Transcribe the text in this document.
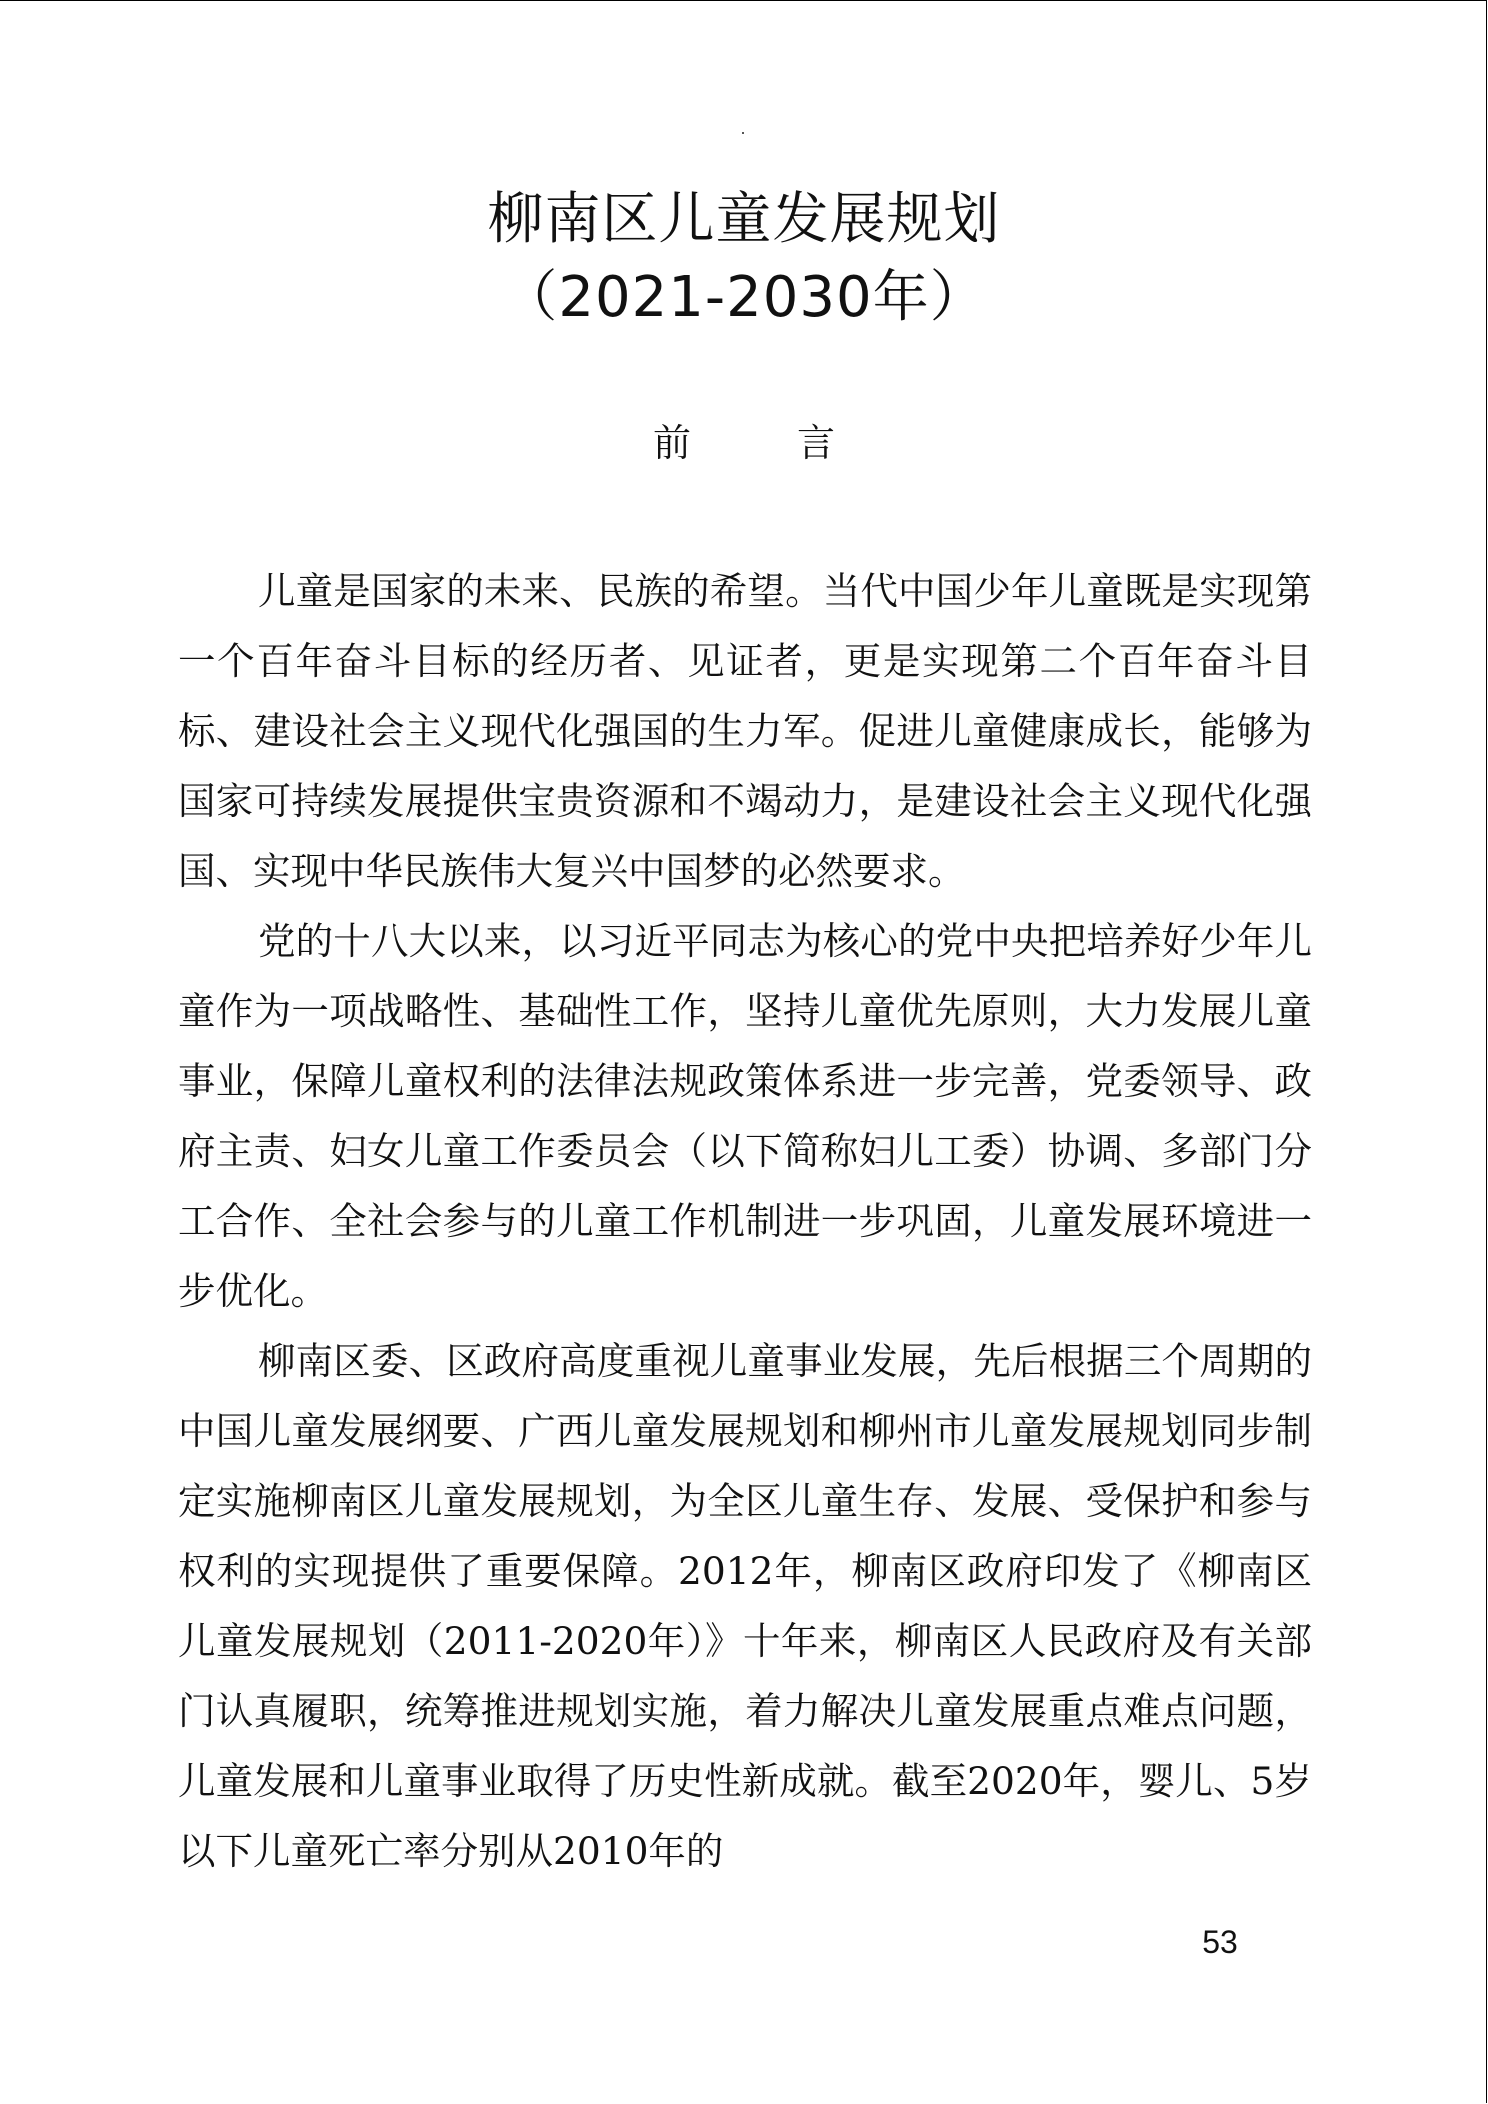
柳南区儿童发展规划
（2021-2030年）
前　言

儿童是国家的未来、民族的希望。当代中国少年儿童既是实现第一个百年奋斗目标的经历者、见证者，更是实现第二个百年奋斗目标、建设社会主义现代化强国的生力军。促进儿童健康成长，能够为国家可持续发展提供宝贵资源和不竭动力，是建设社会主义现代化强国、实现中华民族伟大复兴中国梦的必然要求。

党的十八大以来，以习近平同志为核心的党中央把培养好少年儿童作为一项战略性、基础性工作，坚持儿童优先原则，大力发展儿童事业，保障儿童权利的法律法规政策体系进一步完善，党委领导、政府主责、妇女儿童工作委员会（以下简称妇儿工委）协调、多部门分工合作、全社会参与的儿童工作机制进一步巩固，儿童发展环境进一步优化。

柳南区委、区政府高度重视儿童事业发展，先后根据三个周期的中国儿童发展纲要、广西儿童发展规划和柳州市儿童发展规划同步制定实施柳南区儿童发展规划，为全区儿童生存、发展、受保护和参与权利的实现提供了重要保障。2012年，柳南区政府印发了《柳南区儿童发展规划（2011-2020年）》十年来，柳南区人民政府及有关部门认真履职，统筹推进规划实施，着力解决儿童发展重点难点问题，儿童发展和儿童事业取得了历史性新成就。截至2020年，婴儿、5岁以下儿童死亡率分别从2010年的

53
